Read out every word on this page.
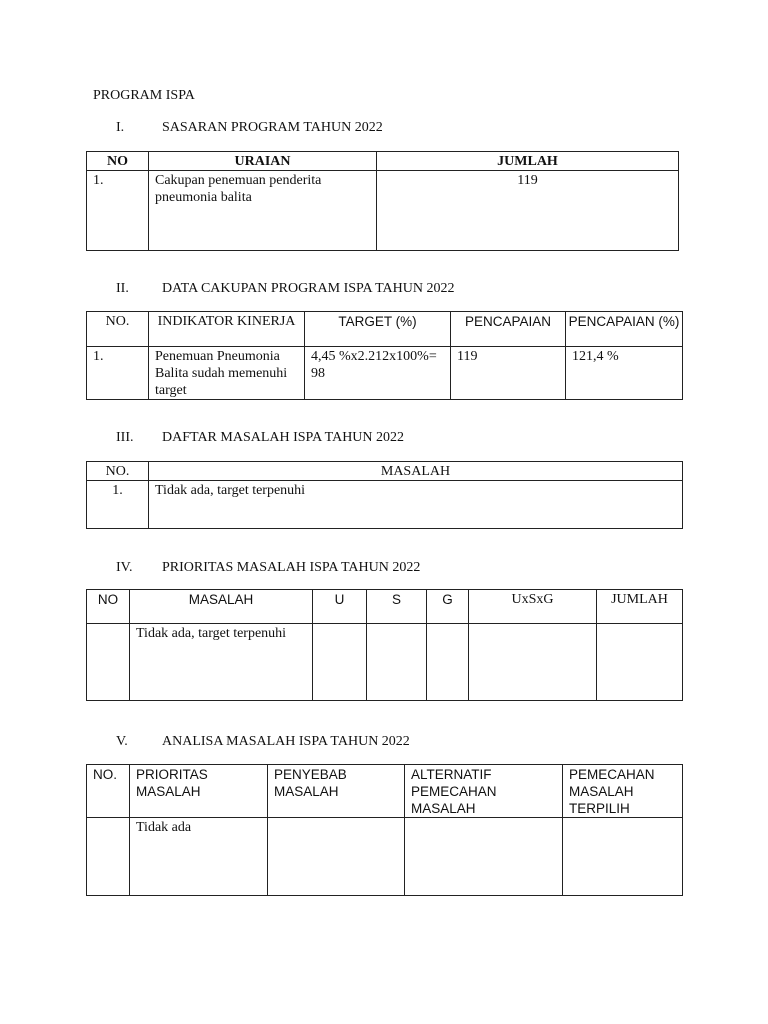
PROGRAM ISPA
I.	SASARAN PROGRAM TAHUN 2022
NO	URAIAN	JUMLAH
1.	Cakupan penemuan penderita pneumonia balita	119
II. DATA CAKUPAN PROGRAM ISPA TAHUN 2022
NO.	INDIKATOR KINERJA	TARGET (%)	PENCAPAIAN	PENCAPAIAN (%)
1.	Penemuan Pneumonia Balita sudah memenuhi target	4,45 %x2.212x100%= 98	119	121,4 %
III. DAFTAR MASALAH ISPA TAHUN 2022
NO.	MASALAH
1.	Tidak ada, target terpenuhi
IV. PRIORITAS MASALAH ISPA TAHUN 2022
NO	MASALAH	U	S	G	UxSxG	JUMLAH
	Tidak ada, target terpenuhi					
V. ANALISA MASALAH ISPA TAHUN 2022
NO.	PRIORITAS MASALAH	PENYEBAB MASALAH	ALTERNATIF PEMECAHAN MASALAH	PEMECAHAN MASALAH TERPILIH
	Tidak ada			
